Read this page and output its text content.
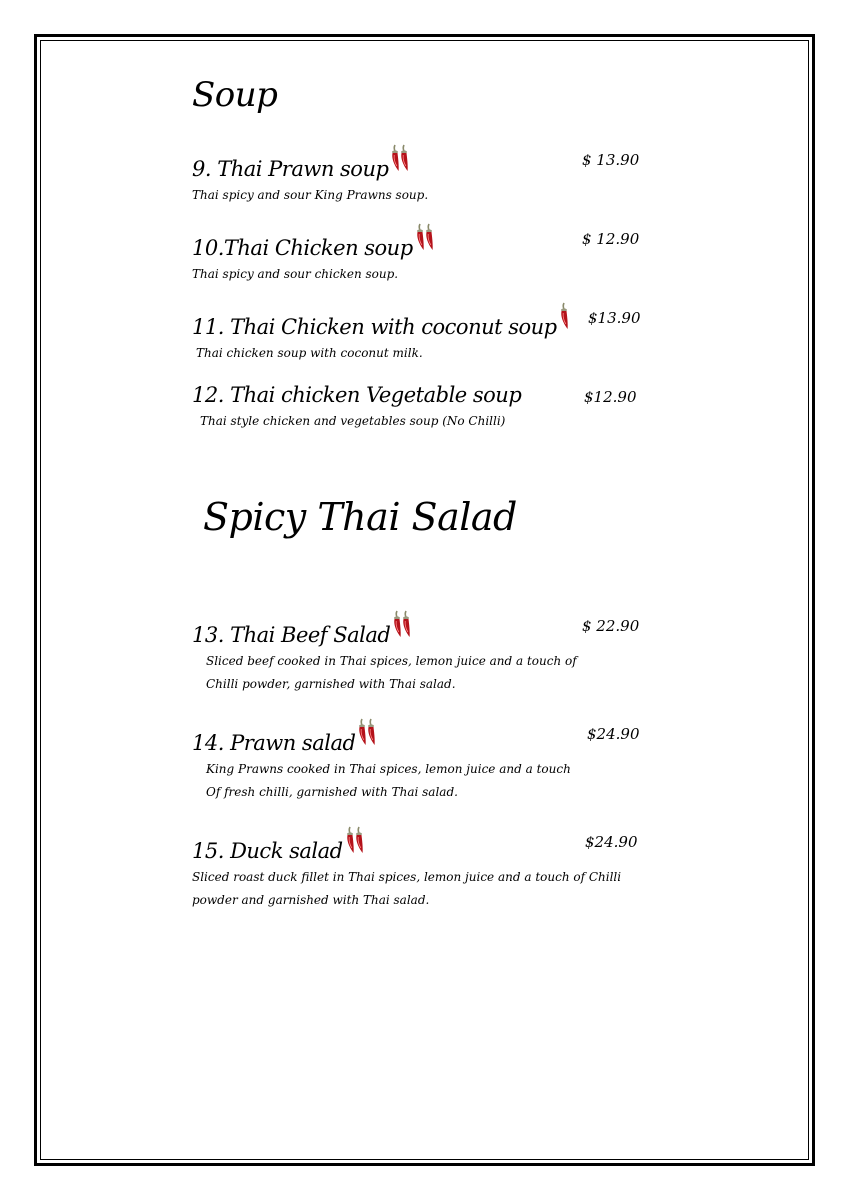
Soup
9. Thai Prawn soup	$ 13.90
Thai spicy and sour King Prawns soup.
10.Thai Chicken soup	$ 12.90
Thai spicy and sour chicken soup.
11. Thai Chicken with coconut soup $13.90
Thai chicken soup with coconut milk.
12. Thai chicken Vegetable soup	$12.90
Thai style chicken and vegetables soup (No Chilli)
Spicy Thai Salad
13. Thai Beef Salad	$ 22.90
Sliced beef cooked in Thai spices, lemon juice and a touch of
Chilli powder, garnished with Thai salad.
14. Prawn salad	$24.90
King Prawns cooked in Thai spices, lemon juice and a touch
Of fresh chilli, garnished with Thai salad.
15. Duck salad	$24.90
Sliced roast duck fillet in Thai spices, lemon juice and a touch of Chilli
powder and garnished with Thai salad.
